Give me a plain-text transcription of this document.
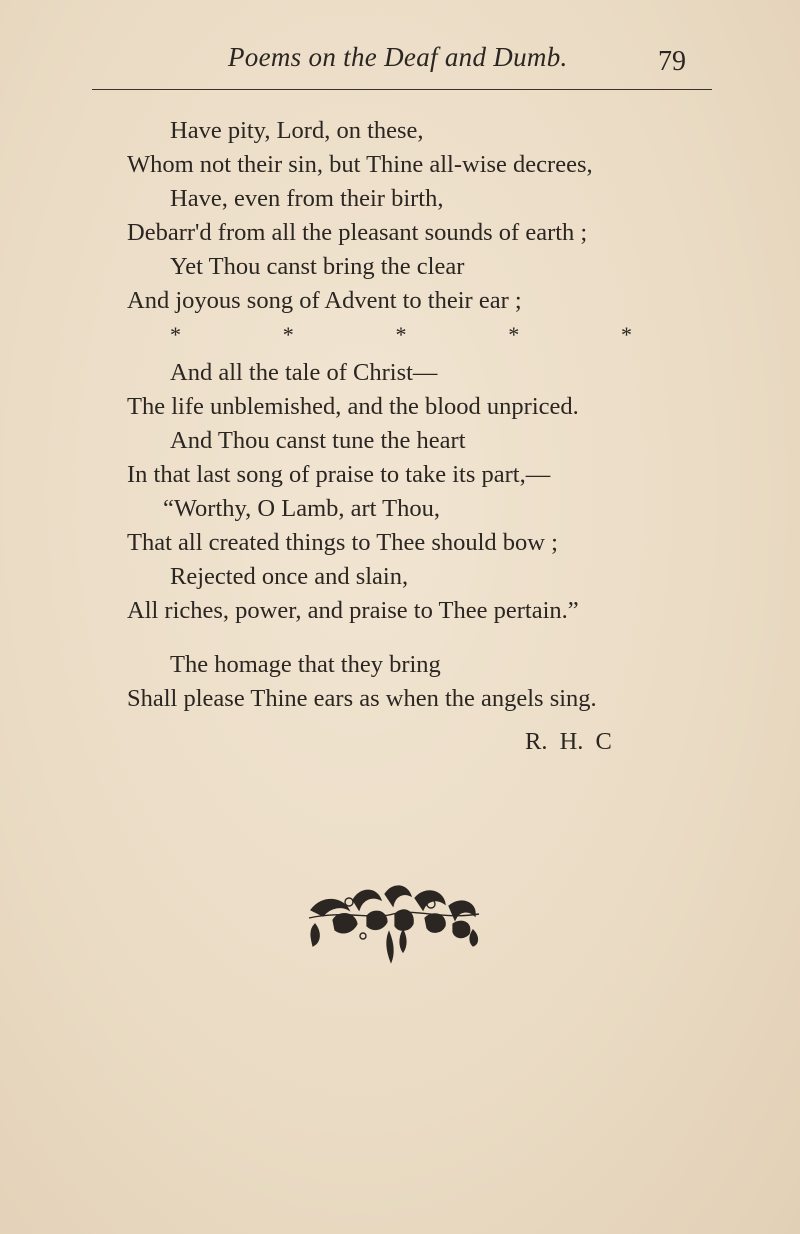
Poems on the Deaf and Dumb.	79
Have pity, Lord, on these,
Whom not their sin, but Thine all-wise decrees,
Have, even from their birth,
Debarr'd from all the pleasant sounds of earth ;
Yet Thou canst bring the clear
And joyous song of Advent to their ear ;
*	*	*	*	*
And all the tale of Christ—
The life unblemished, and the blood unpriced.
And Thou canst tune the heart
In that last song of praise to take its part,—
“Worthy, O Lamb, art Thou,
That all created things to Thee should bow ;
Rejected once and slain,
All riches, power, and praise to Thee pertain.”
The homage that they bring
Shall please Thine ears as when the angels sing.
R. H. C
